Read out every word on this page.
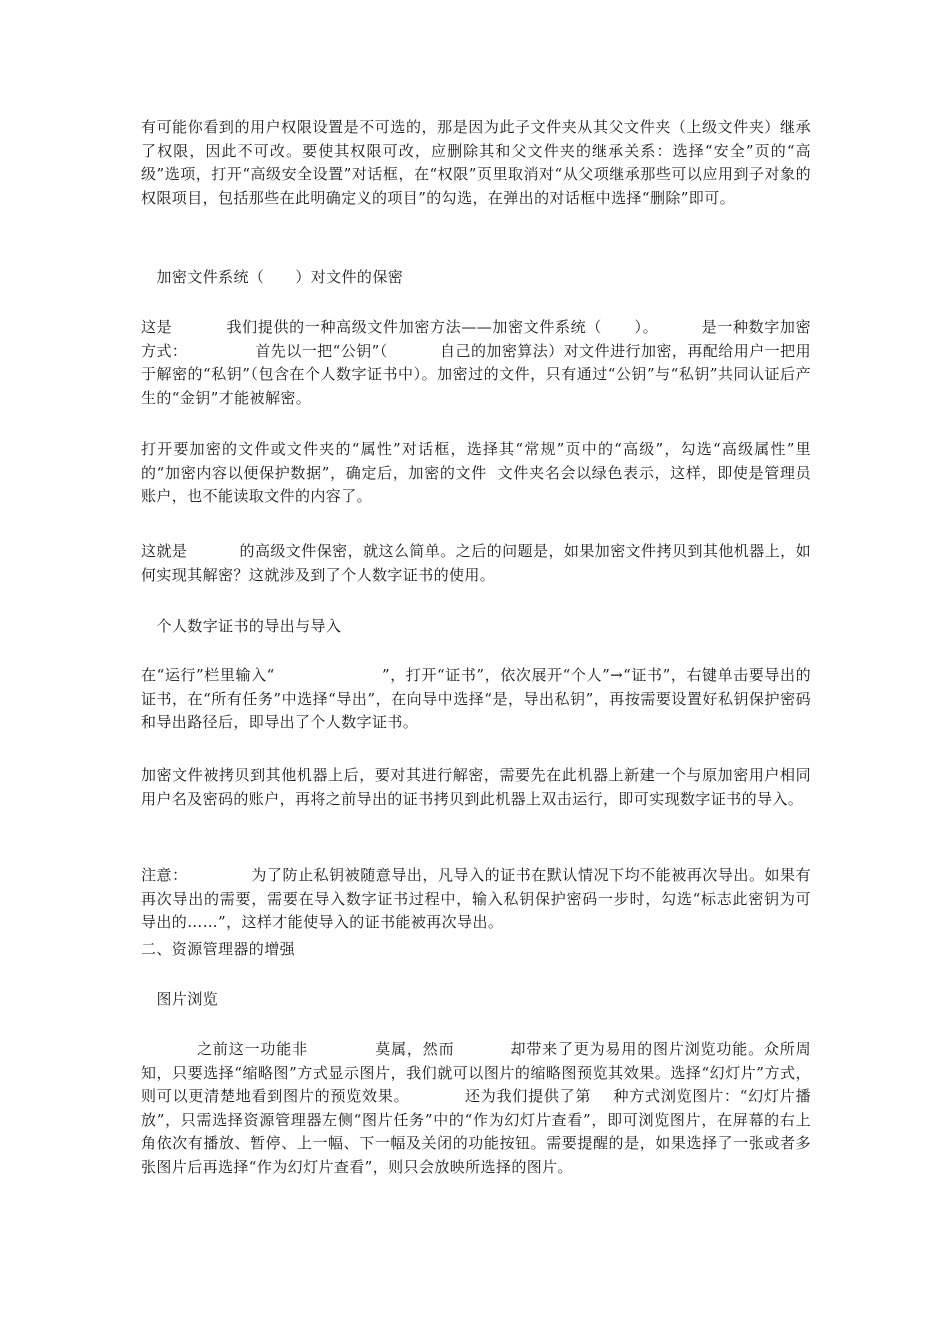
有可能你看到的用户权限设置是不可选的，那是因为此子文件夹从其父文件夹（上级文件夹）继承了权限，因此不可改。要使其权限可改，应删除其和父文件夹的继承关系：选择“安全”页的“高级”选项，打开“高级安全设置”对话框，在“权限”页里取消对“从父项继承那些可以应用到子对象的权限项目，包括那些在此明确定义的项目”的勾选，在弹出的对话框中选择“删除”即可。

加密文件系统（      ）对文件的保密

这是          我们提供的一种高级文件加密方法——加密文件系统（      ）。        是一种数字加密方式：             首先以一把“公钥”（          自己的加密算法）对文件进行加密，再配给用户一把用于解密的“私钥”（包含在个人数字证书中）。加密过的文件，只有通过“公钥”与“私钥”共同认证后产生的“金钥”才能被解密。

打开要加密的文件或文件夹的“属性”对话框，选择其“常规”页中的“高级”，勾选“高级属性”里的“加密内容以便保护数据”，确定后，加密的文件  文件夹名会以绿色表示，这样，即使是管理员账户，也不能读取文件的内容了。

这就是          的高级文件保密，就这么简单。之后的问题是，如果加密文件拷贝到其他机器上，如何实现其解密？这就涉及到了个人数字证书的使用。

个人数字证书的导出与导入

在“运行”栏里输入“                    ”，打开“证书”，依次展开“个人”→“证书”，右键单击要导出的证书，在“所有任务”中选择“导出”，在向导中选择“是，导出私钥”，再按需要设置好私钥保护密码和导出路径后，即导出了个人数字证书。

加密文件被拷贝到其他机器上后，要对其进行解密，需要先在此机器上新建一个与原加密用户相同用户名及密码的账户，再将之前导出的证书拷贝到此机器上双击运行，即可实现数字证书的导入。

注意：            为了防止私钥被随意导出，凡导入的证书在默认情况下均不能被再次导出。如果有再次导出的需要，需要在导入数字证书过程中，输入私钥保护密码一步时，勾选“标志此密钥为可导出的……”，这样才能使导入的证书能被再次导出。

二、资源管理器的增强

图片浏览

之前这一功能非            莫属，然而          却带来了更为易用的图片浏览功能。众所周知，只要选择“缩略图”方式显示图片，我们就可以图片的缩略图预览其效果。选择“幻灯片”方式，则可以更清楚地看到图片的预览效果。          还为我们提供了第    种方式浏览图片：“幻灯片播放”，只需选择资源管理器左侧“图片任务”中的“作为幻灯片查看”，即可浏览图片，在屏幕的右上角依次有播放、暂停、上一幅、下一幅及关闭的功能按钮。需要提醒的是，如果选择了一张或者多张图片后再选择“作为幻灯片查看”，则只会放映所选择的图片。
